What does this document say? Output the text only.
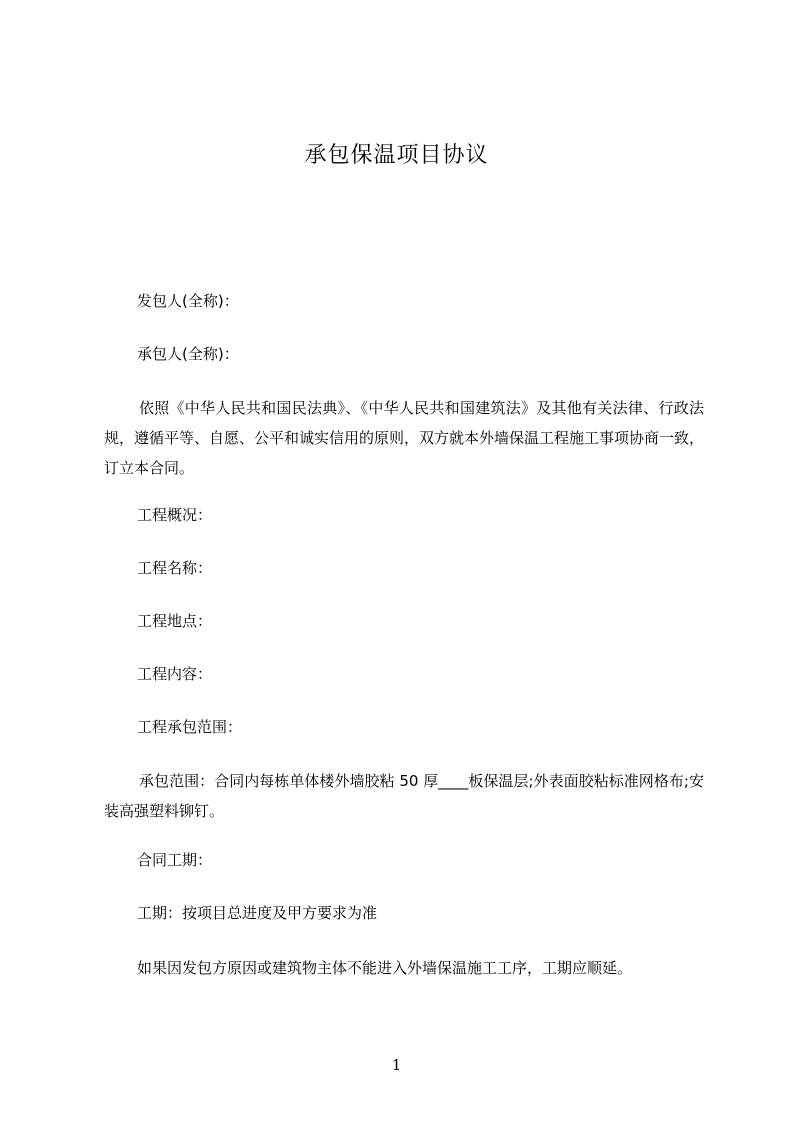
承包保温项目协议
发包人(全称)：
承包人(全称)：
依照《中华人民共和国民法典》、《中华人民共和国建筑法》及其他有关法律、行政法规，遵循平等、自愿、公平和诚实信用的原则，双方就本外墙保温工程施工事项协商一致，订立本合同。
工程概况：
工程名称：
工程地点：
工程内容：
工程承包范围：
承包范围：合同内每栋单体楼外墙胶粘 50 厚____板保温层;外表面胶粘标准网格布;安装高强塑料铆钉。
合同工期：
工期：按项目总进度及甲方要求为准
如果因发包方原因或建筑物主体不能进入外墙保温施工工序，工期应顺延。
1
